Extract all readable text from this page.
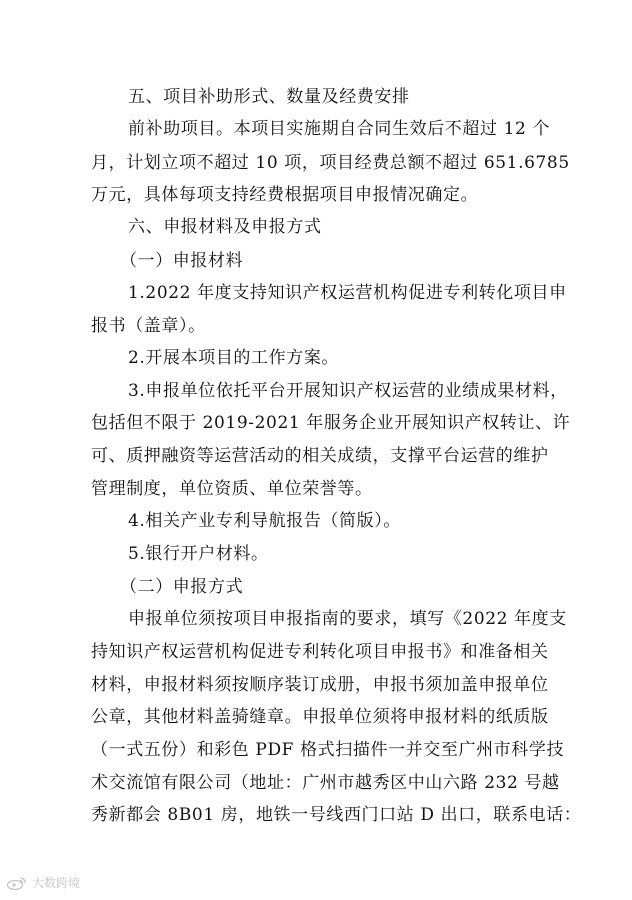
五、项目补助形式、数量及经费安排
前补助项目。本项目实施期自合同生效后不超过 12 个
月，计划立项不超过 10 项，项目经费总额不超过 651.6785
万元，具体每项支持经费根据项目申报情况确定。
六、申报材料及申报方式
（一）申报材料
1.2022 年度支持知识产权运营机构促进专利转化项目申
报书（盖章）。
2.开展本项目的工作方案。
3.申报单位依托平台开展知识产权运营的业绩成果材料，
包括但不限于 2019-2021 年服务企业开展知识产权转让、许
可、质押融资等运营活动的相关成绩，支撑平台运营的维护
管理制度，单位资质、单位荣誉等。
4.相关产业专利导航报告（简版）。
5.银行开户材料。
（二）申报方式
申报单位须按项目申报指南的要求，填写《2022 年度支
持知识产权运营机构促进专利转化项目申报书》和准备相关
材料，申报材料须按顺序装订成册，申报书须加盖申报单位
公章，其他材料盖骑缝章。申报单位须将申报材料的纸质版
（一式五份）和彩色 PDF 格式扫描件一并交至广州市科学技
术交流馆有限公司（地址：广州市越秀区中山六路 232 号越
秀新都会 8B01 房，地铁一号线西门口站 D 出口，联系电话：
大数跨境
